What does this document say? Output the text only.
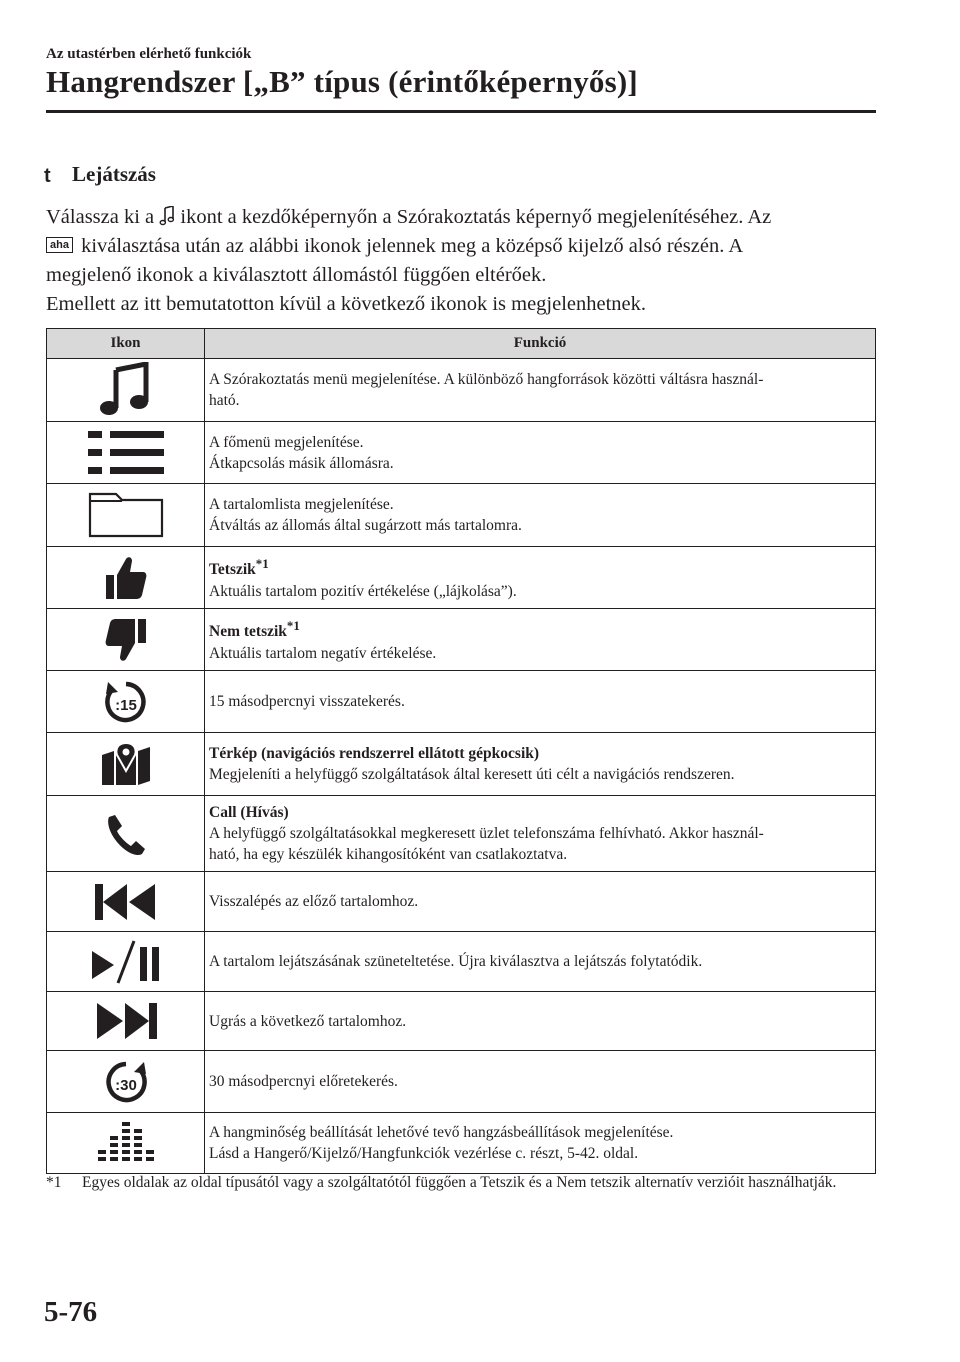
Az utastérben elérhető funkciók
Hangrendszer [„B” típus (érintőképernyős)]
t Lejátszás

Válassza ki a  ikont a kezdőképernyőn a Szórakoztatás képernyő megjelenítéséhez. Az

aha kiválasztása után az alábbi ikonok jelennek meg a középső kijelző alsó részén. A

megjelenő ikonok a kiválasztott állomástól függően eltérőek.

Emellett az itt bemutatotton kívül a következő ikonok is megjelenhetnek.

Ikon	Funkció

A Szórakoztatás menü megjelenítése. A különböző hangforrások közötti váltásra használ-
ható.

A főmenü megjelenítése.
Átkapcsolás másik állomásra.

A tartalomlista megjelenítése.
Átváltás az állomás által sugárzott más tartalomra.

Tetszik$^{*1}$
Aktuális tartalom pozitív értékelése („lájkolása”).

Nem tetszik$^{*1}$
Aktuális tartalom negatív értékelése.

:15	15 másodpercnyi visszatekerés.

Térkép (navigációs rendszerrel ellátott gépkocsik)
Megjeleníti a helyfüggő szolgáltatások által keresett úti célt a navigációs rendszeren.

Call (Hívás)
A helyfüggő szolgáltatásokkal megkeresett üzlet telefonszáma felhívható. Akkor használ-
ható, ha egy készülék kihangosítóként van csatlakoztatva.

Visszalépés az előző tartalomhoz.

A tartalom lejátszásának szüneteltetése. Újra kiválasztva a lejátszás folytatódik.

Ugrás a következő tartalomhoz.

:30	30 másodpercnyi előretekerés.

A hangminőség beállítását lehetővé tevő hangzásbeállítások megjelenítése.
Lásd a Hangerő/Kijelző/Hangfunkciók vezérlése c. részt, 5-42. oldal.
*1 Egyes oldalak az oldal típusától vagy a szolgáltatótól függően a Tetszik és a Nem tetszik alternatív verzióit használhatják.
5-76
